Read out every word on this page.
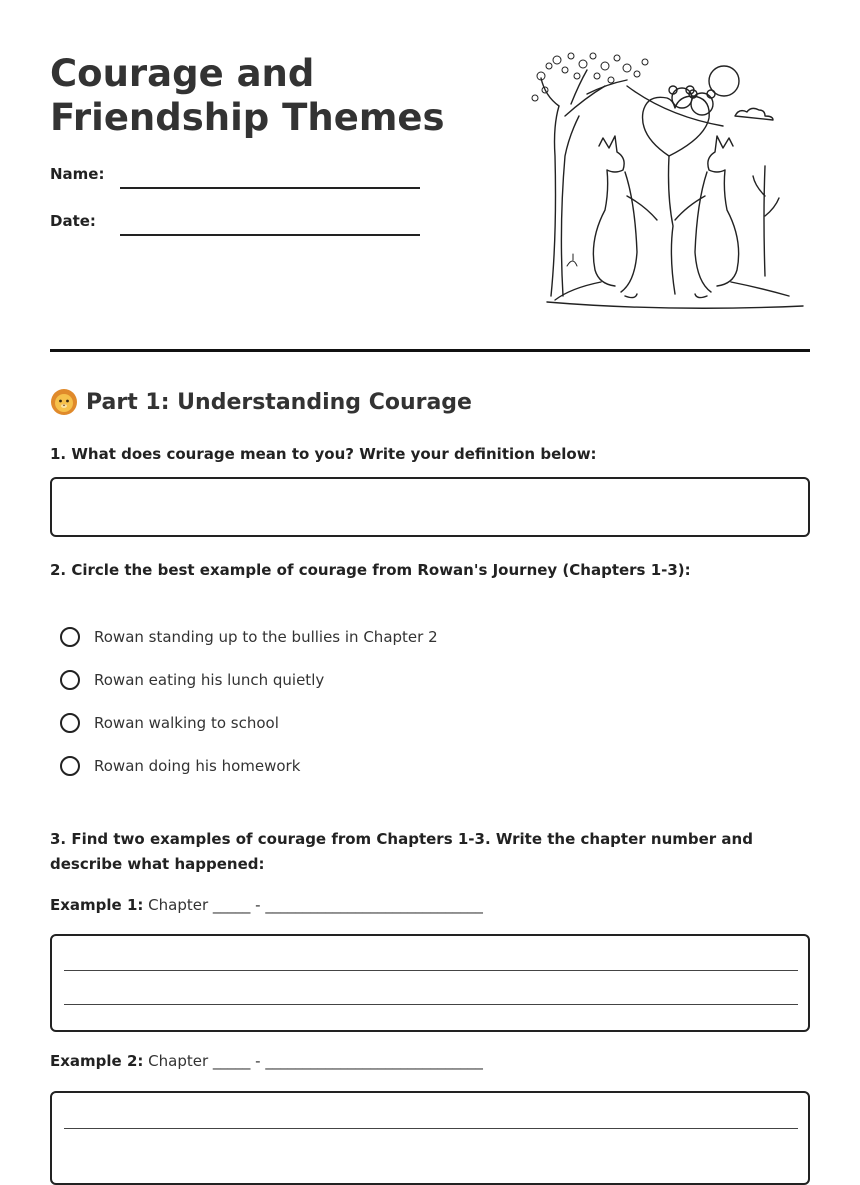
Courage and Friendship Themes
Name:
Date:
Part 1: Understanding Courage
1. What does courage mean to you? Write your definition below:
2. Circle the best example of courage from Rowan's Journey (Chapters 1-3):
Rowan standing up to the bullies in Chapter 2
Rowan eating his lunch quietly
Rowan walking to school
Rowan doing his homework
3. Find two examples of courage from Chapters 1-3. Write the chapter number and describe what happened:
Example 1: Chapter _____ - _____________________________
Example 2: Chapter _____ - _____________________________
